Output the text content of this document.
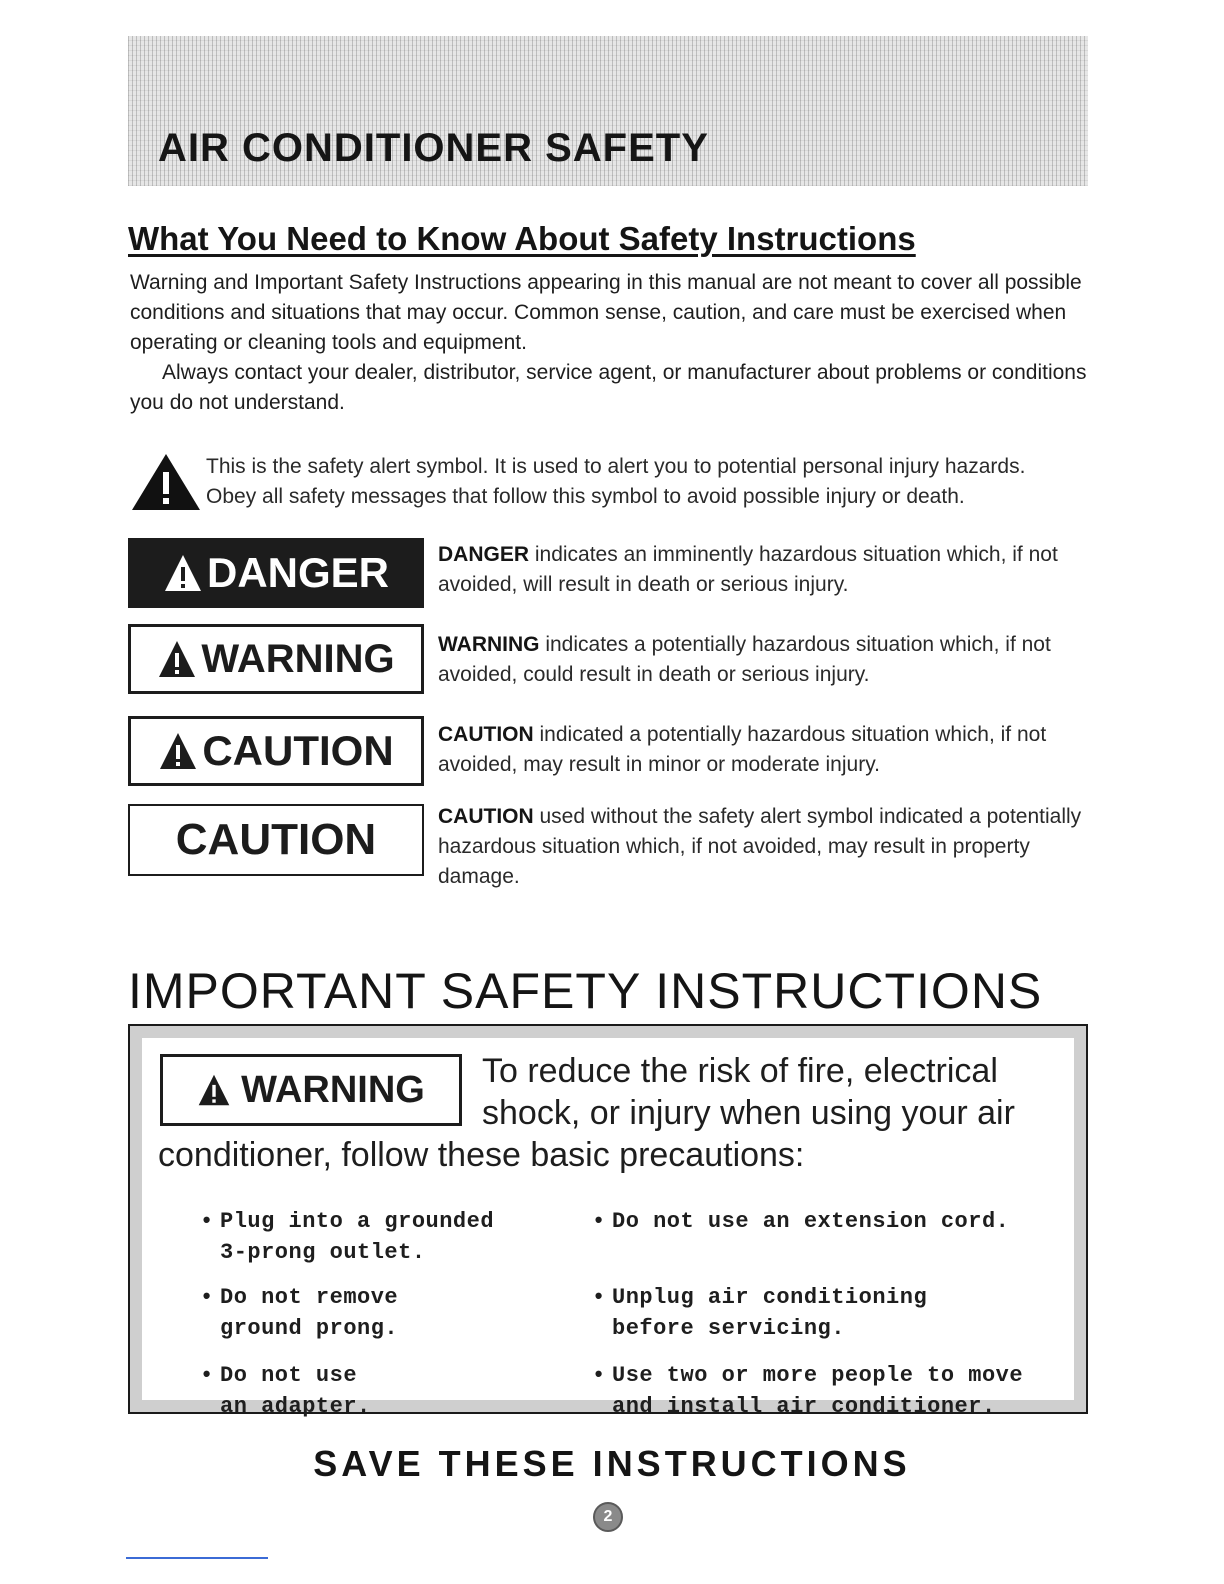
AIR CONDITIONER SAFETY
What You Need to Know About Safety Instructions

Warning and Important Safety Instructions appearing in this manual are not meant to cover all possible conditions and situations that may occur. Common sense, caution, and care must be exercised when operating or cleaning tools and equipment.

Always contact your dealer, distributor, service agent, or manufacturer about problems or conditions you do not understand.

This is the safety alert symbol. It is used to alert you to potential personal injury hazards.
Obey all safety messages that follow this symbol to avoid possible injury or death.
DANGER DANGER indicates an imminently hazardous situation which, if not avoided, will result in death or serious injury.
WARNING WARNING indicates a potentially hazardous situation which, if not avoided, could result in death or serious injury.
CAUTION CAUTION indicated a potentially hazardous situation which, if not avoided, may result in minor or moderate injury.
CAUTION	CAUTION used without the safety alert symbol indicated a potentially hazardous situation which, if not avoided, may result in property damage.
IMPORTANT SAFETY INSTRUCTIONS
WARNING To reduce the risk of fire, electrical shock, or injury when using your air
conditioner, follow these basic precautions:
• Plug into a grounded
3-prong outlet.
• Do not remove
ground prong.
• Do not use
an adapter.
• Do not use an extension cord.
• Unplug air conditioning
before servicing.
• Use two or more people to move
and install air conditioner.
SAVE THESE INSTRUCTIONS
2
